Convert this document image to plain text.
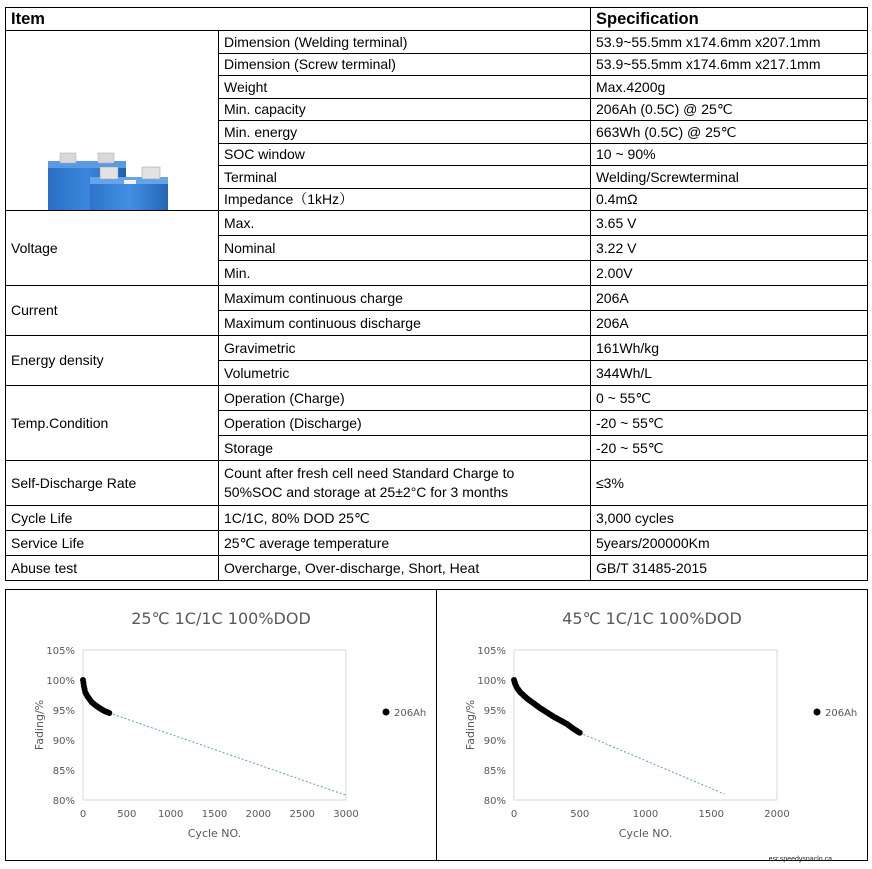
Item		Specification

	Dimension (Welding terminal)	53.9~55.5mm x174.6mm x207.1mm
	Dimension (Screw terminal)	53.9~55.5mm x174.6mm x217.1mm
	Weight	Max.4200g
	Min. capacity	206Ah (0.5C) @ 25℃
	Min. energy	663Wh (0.5C) @ 25℃
	SOC window	10 ~ 90%
	Terminal	Welding/Screwterminal
	Impedance（1kHz）	0.4mΩ
Voltage	Max.	3.65 V
	Nominal	3.22 V
	Min.	2.00V
Current	Maximum continuous charge	206A
	Maximum continuous discharge	206A
Energy density	Gravimetric	161Wh/kg
	Volumetric	344Wh/L
Temp.Condition	Operation (Charge)	0 ~ 55℃
	Operation (Discharge)	-20 ~ 55℃
	Storage	-20 ~ 55℃
Self-Discharge Rate	Count after fresh cell need Standard Charge to
50%SOC and storage at 25±2°C for 3 months	≤3%
Cycle Life	1C/1C, 80% DOD 25℃	3,000 cycles
Service Life	25℃ average temperature	5years/200000Km
Abuse test	Overcharge, Over-discharge, Short, Heat	GB/T 31485-2015
25℃ 1C/1C 100%DOD
80%
85%
90%
95%
100%
105%
0	500 1000 1500 2000 2500 3000
Cycle NO.
Fading/%	206Ah
45℃ 1C/1C 100%DOD
80%
85%
90%
95%
100%
105%
0	500	1000	1500	2000
Cycle NO.
Fading/%	206Ah
esr.speedysnaclo.ca
